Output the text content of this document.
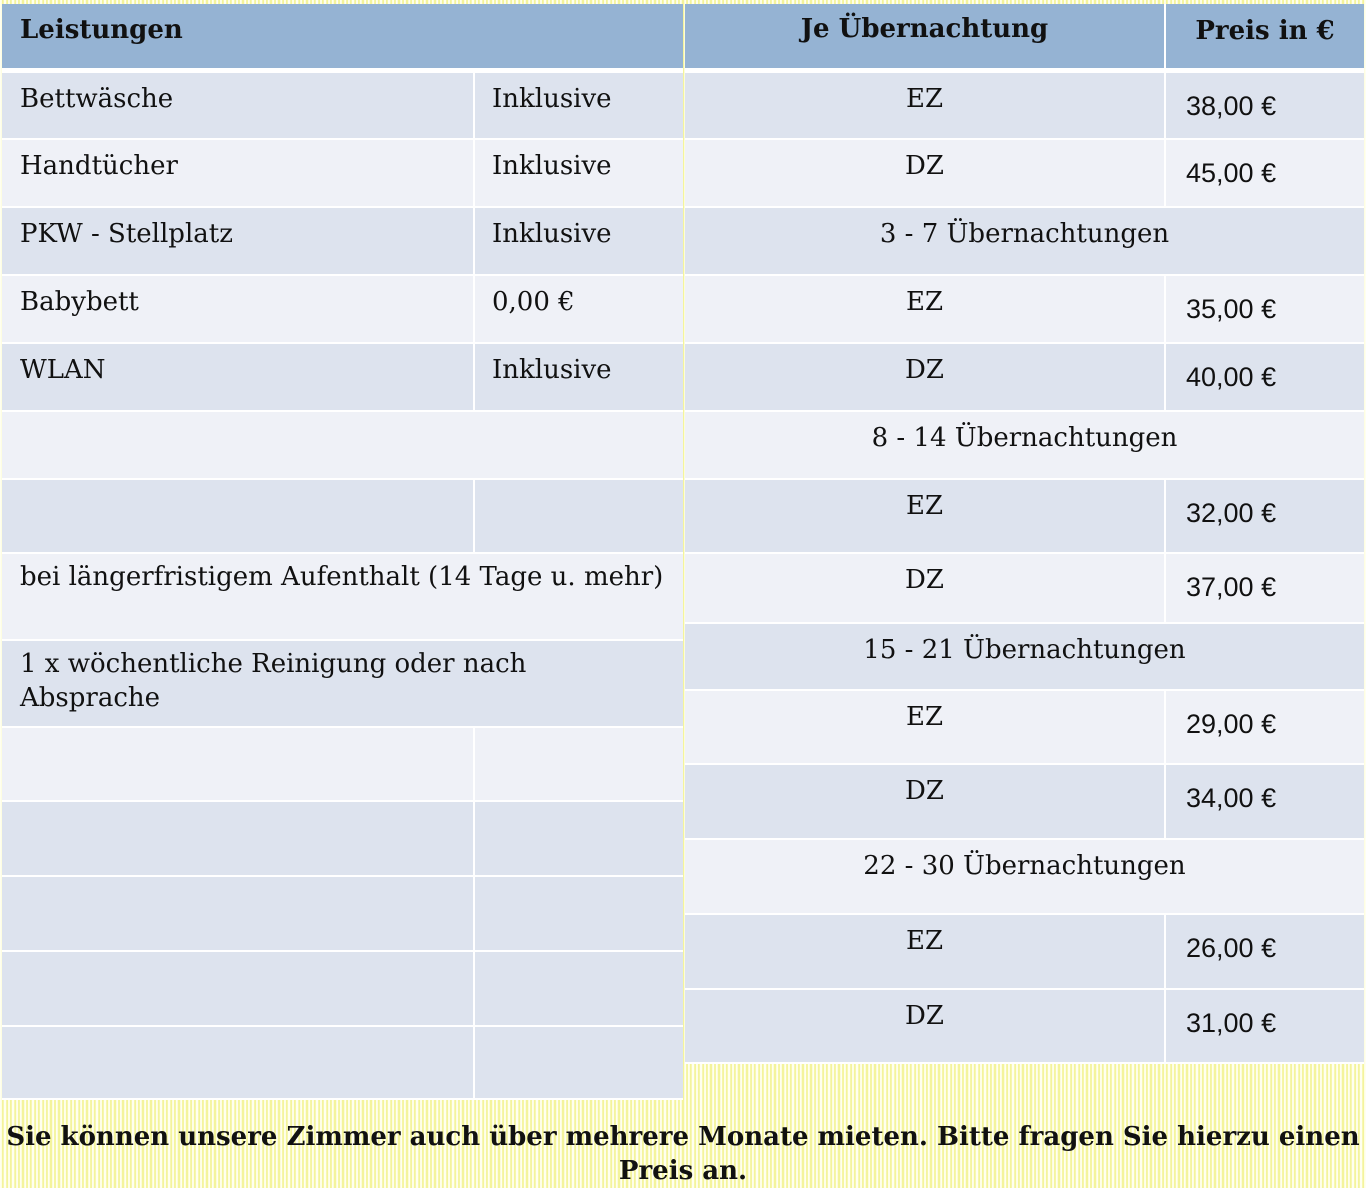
Leistungen	
Bettwäsche	Inklusive
Handtücher	Inklusive
PKW - Stellplatz	Inklusive
Babybett	0,00 €
WLAN	Inklusive

bei längerfristigem Aufenthalt (14 Tage u. mehr)	
1 x wöchentliche Reinigung oder nach Absprache	

Je Übernachtung	Preis in €
EZ	38,00 €
DZ	45,00 €
3 - 7 Übernachtungen	
EZ	35,00 €
DZ	40,00 €
8 - 14 Übernachtungen	
EZ	32,00 €
DZ	37,00 €
15 - 21 Übernachtungen	
EZ	29,00 €
DZ	34,00 €
22 - 30 Übernachtungen	
EZ	26,00 €
DZ	31,00 €
Sie können unsere Zimmer auch über mehrere Monate mieten. Bitte fragen Sie hierzu einen Preis an.
